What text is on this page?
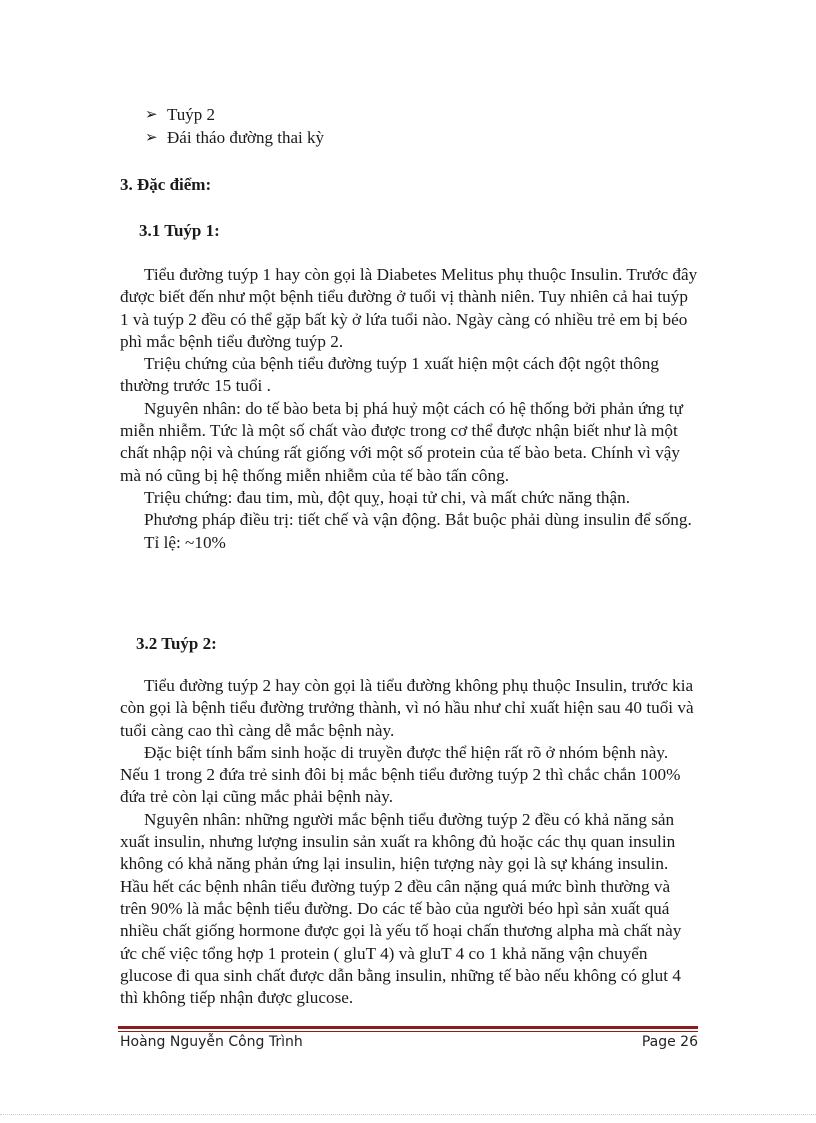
➢ Tuýp 2
➢ Đái tháo đường thai kỳ
3. Đặc điểm:
3.1 Tuýp 1:

Tiểu đường tuýp 1 hay còn gọi là Diabetes Melitus phụ thuộc Insulin. Trước đây được biết đến như một bệnh tiểu đường ở tuổi vị thành niên. Tuy nhiên cả hai tuýp 1 và tuýp 2 đều có thể gặp bất kỳ ở lứa tuổi nào. Ngày càng có nhiều trẻ em bị béo phì mắc bệnh tiểu đường tuýp 2.

Triệu chứng của bệnh tiểu đường tuýp 1 xuất hiện một cách đột ngột thông thường trước 15 tuổi .

Nguyên nhân: do tế bào beta bị phá huỷ một cách có hệ thống bởi phản ứng tự miễn nhiễm. Tức là một số chất vào được trong cơ thể được nhận biết như là một chất nhập nội và chúng rất giống với một số protein của tế bào beta. Chính vì vậy mà nó cũng bị hệ thống miễn nhiễm của tế bào tấn công.

Triệu chứng: đau tim, mù, đột quỵ, hoại tử chi, và mất chức năng thận.

Phương pháp điều trị: tiết chế và vận động. Bắt buộc phải dùng insulin để sống.

Tỉ lệ: ~10%

3.2 Tuýp 2:

Tiểu đường tuýp 2 hay còn gọi là tiểu đường không phụ thuộc Insulin, trước kia còn gọi là bệnh tiểu đường trưởng thành, vì nó hầu như chỉ xuất hiện sau 40 tuổi và tuổi càng cao thì càng dễ mắc bệnh này.

Đặc biệt tính bẩm sinh hoặc di truyền được thể hiện rất rõ ở nhóm bệnh này. Nếu 1 trong 2 đứa trẻ sinh đôi bị mắc bệnh tiểu đường tuýp 2 thì chắc chắn 100% đứa trẻ còn lại cũng mắc phải bệnh này.

Nguyên nhân: những người mắc bệnh tiểu đường tuýp 2 đều có khả năng sản xuất insulin, nhưng lượng insulin sản xuất ra không đủ hoặc các thụ quan insulin không có khả năng phản ứng lại insulin, hiện tượng này gọi là sự kháng insulin. Hầu hết các bệnh nhân tiểu đường tuýp 2 đều cân nặng quá mức bình thường và trên 90% là mắc bệnh tiểu đường. Do các tế bào của người béo hpì sản xuất quá nhiều chất giống hormone được gọi là yếu tố hoại chấn thương alpha mà chất này ức chế việc tổng hợp 1 protein ( gluT 4) và gluT 4 co 1 khả năng vận chuyển glucose đi qua sinh chất được dẫn bằng insulin, những tế bào nếu không có glut 4 thì không tiếp nhận được glucose.

Hoàng Nguyễn Công Trình	Page 26
